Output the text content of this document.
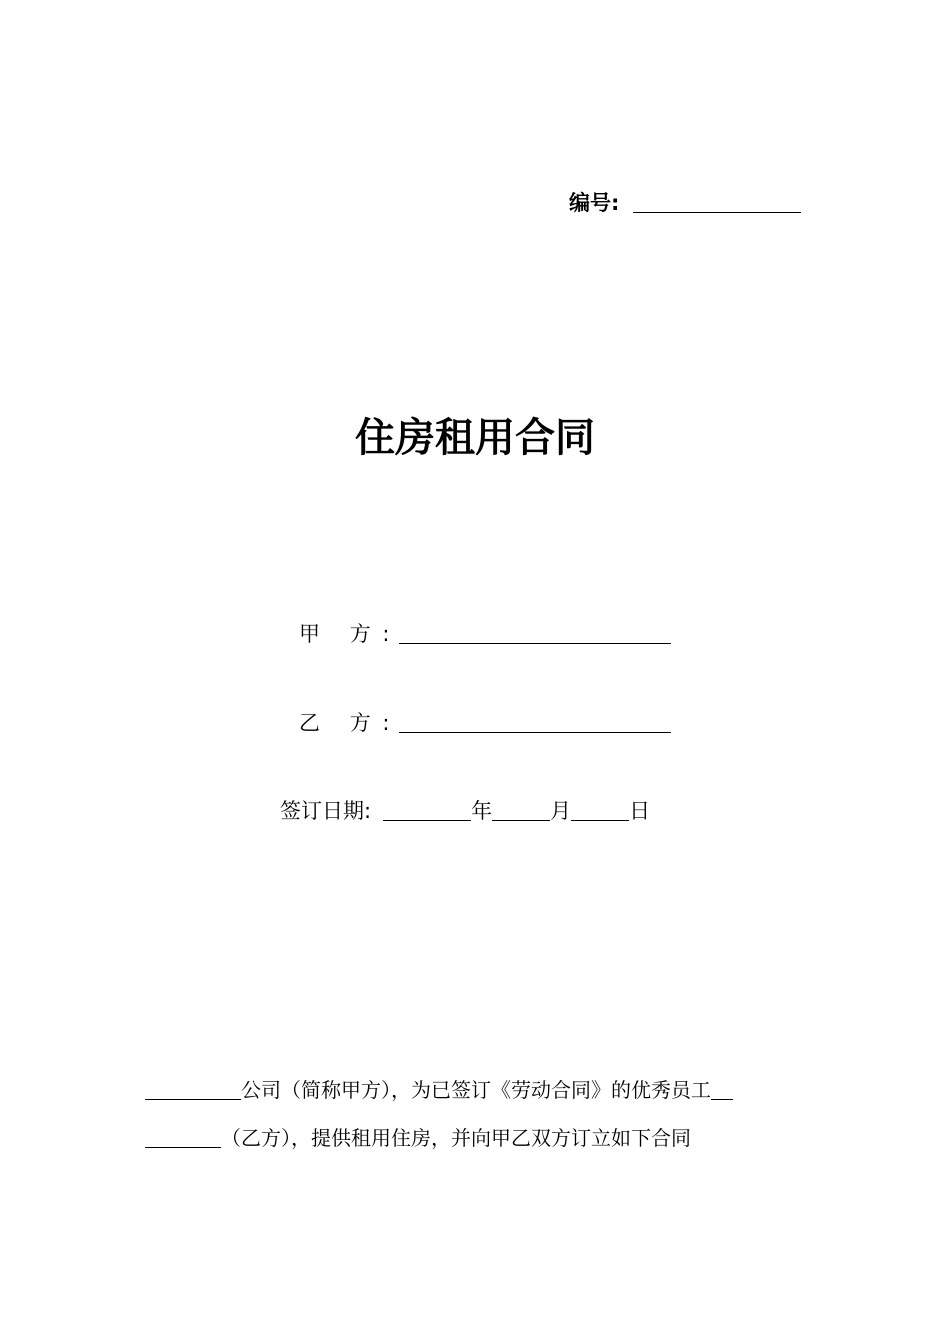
编号:
住房租用合同
甲 方:
乙 方:
签订日期:	年	月	日
公司（简称甲方），为已签订《劳动合同》的优秀员工
（乙方），提供租用住房，并向甲乙双方订立如下合同
